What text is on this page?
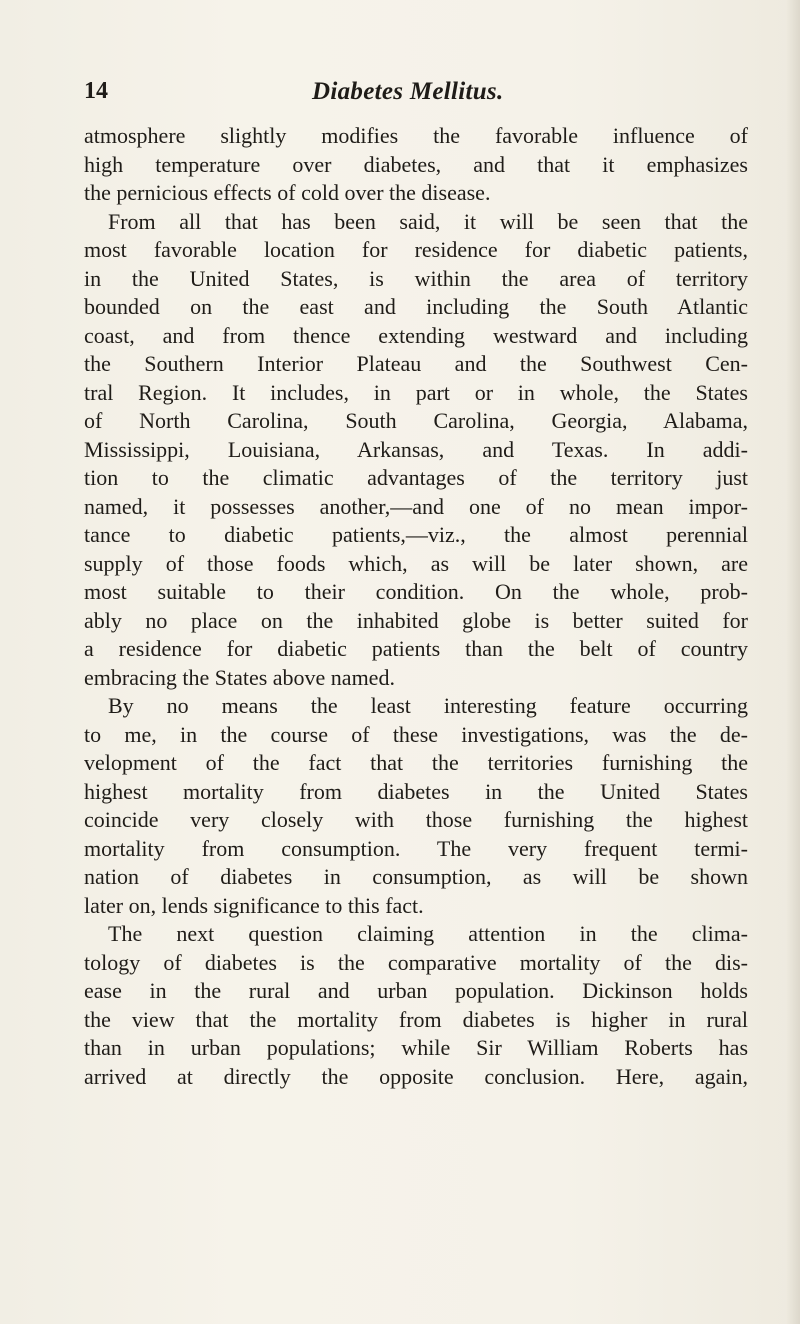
14	Diabetes Mellitus.
atmosphere slightly modifies the favorable influence of
high temperature over diabetes, and that it emphasizes
the pernicious effects of cold over the disease.
From all that has been said, it will be seen that the
most favorable location for residence for diabetic patients,
in the United States, is within the area of territory
bounded on the east and including the South Atlantic
coast, and from thence extending westward and including
the Southern Interior Plateau and the Southwest Cen-
tral Region. It includes, in part or in whole, the States
of North Carolina, South Carolina, Georgia, Alabama,
Mississippi, Louisiana, Arkansas, and Texas. In addi-
tion to the climatic advantages of the territory just
named, it possesses another,—and one of no mean impor-
tance to diabetic patients,—viz., the almost perennial
supply of those foods which, as will be later shown, are
most suitable to their condition. On the whole, prob-
ably no place on the inhabited globe is better suited for
a residence for diabetic patients than the belt of country
embracing the States above named.
By no means the least interesting feature occurring
to me, in the course of these investigations, was the de-
velopment of the fact that the territories furnishing the
highest mortality from diabetes in the United States
coincide very closely with those furnishing the highest
mortality from consumption. The very frequent termi-
nation of diabetes in consumption, as will be shown
later on, lends significance to this fact.
The next question claiming attention in the clima-
tology of diabetes is the comparative mortality of the dis-
ease in the rural and urban population. Dickinson holds
the view that the mortality from diabetes is higher in rural
than in urban populations; while Sir William Roberts has
arrived at directly the opposite conclusion. Here, again,
